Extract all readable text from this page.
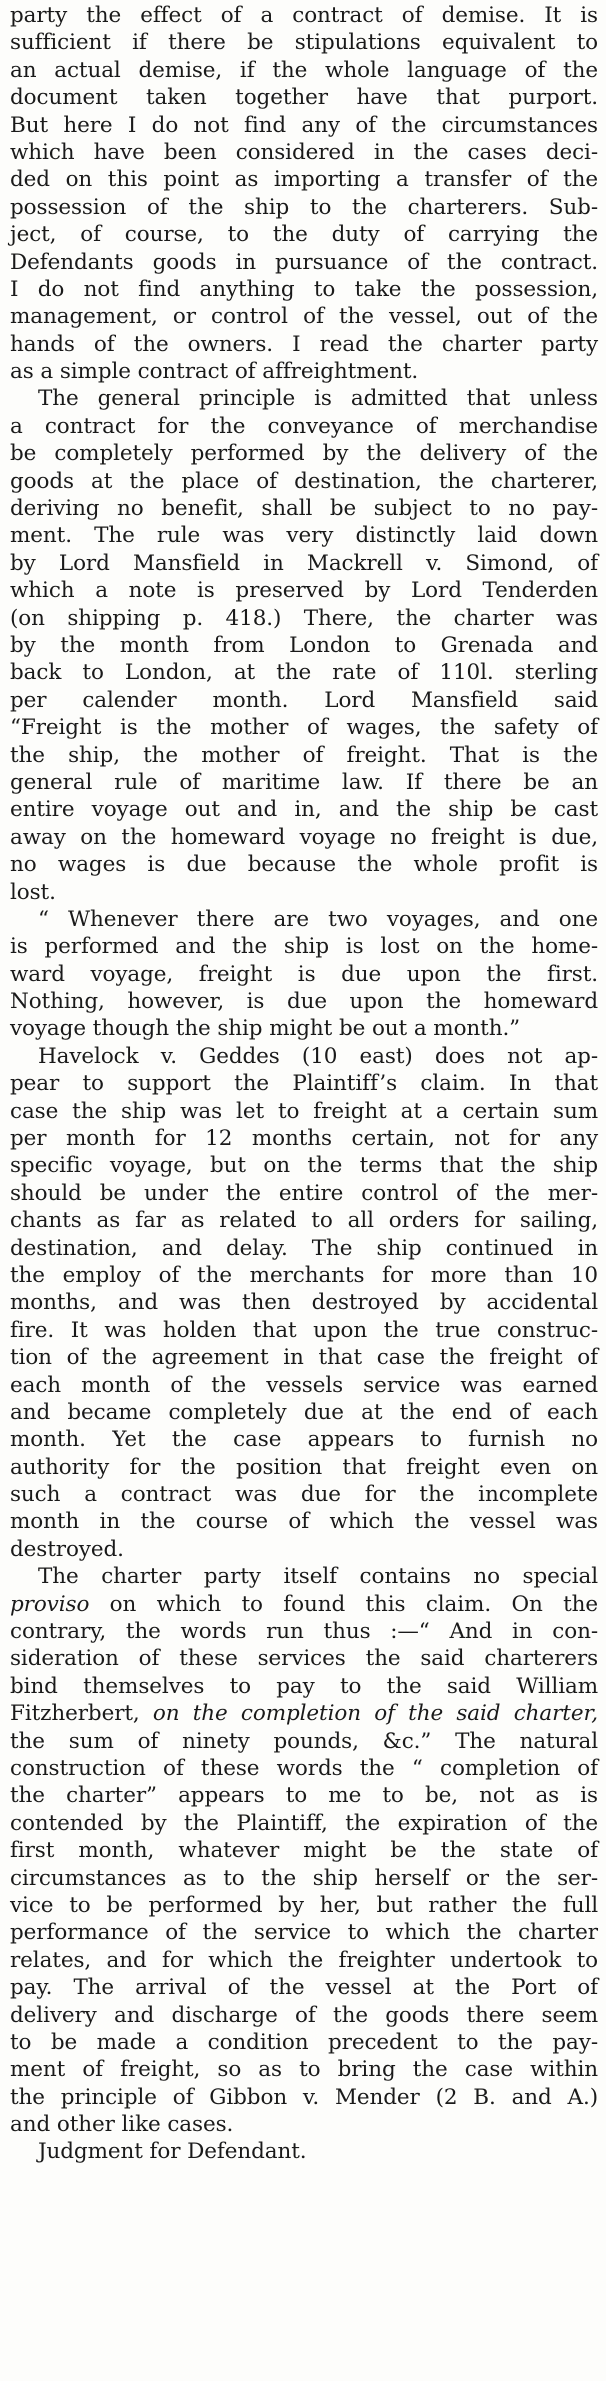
party the effect of a contract of demise. It is
sufficient if there be stipulations equivalent to
an actual demise, if the whole language of the
document taken together have that purport.
But here I do not find any of the circumstances
which have been considered in the cases deci-
ded on this point as importing a transfer of the
possession of the ship to the charterers. Sub-
ject, of course, to the duty of carrying the
Defendants goods in pursuance of the contract.
I do not find anything to take the possession,
management, or control of the vessel, out of the
hands of the owners. I read the charter party
as a simple contract of affreightment.
The general principle is admitted that unless
a contract for the conveyance of merchandise
be completely performed by the delivery of the
goods at the place of destination, the charterer,
deriving no benefit, shall be subject to no pay-
ment. The rule was very distinctly laid down
by Lord Mansfield in Mackrell v. Simond, of
which a note is preserved by Lord Tenderden
(on shipping p. 418.) There, the charter was
by the month from London to Grenada and
back to London, at the rate of 110l. sterling
per calender month. Lord Mansfield said
“Freight is the mother of wages, the safety of
the ship, the mother of freight. That is the
general rule of maritime law. If there be an
entire voyage out and in, and the ship be cast
away on the homeward voyage no freight is due,
no wages is due because the whole profit is
lost.
“ Whenever there are two voyages, and one
is performed and the ship is lost on the home-
ward voyage, freight is due upon the first.
Nothing, however, is due upon the homeward
voyage though the ship might be out a month.”
Havelock v. Geddes (10 east) does not ap-
pear to support the Plaintiff’s claim. In that
case the ship was let to freight at a certain sum
per month for 12 months certain, not for any
specific voyage, but on the terms that the ship
should be under the entire control of the mer-
chants as far as related to all orders for sailing,
destination, and delay. The ship continued in
the employ of the merchants for more than 10
months, and was then destroyed by accidental
fire. It was holden that upon the true construc-
tion of the agreement in that case the freight of
each month of the vessels service was earned
and became completely due at the end of each
month. Yet the case appears to furnish no
authority for the position that freight even on
such a contract was due for the incomplete
month in the course of which the vessel was
destroyed.
The charter party itself contains no special
proviso on which to found this claim. On the
contrary, the words run thus :—“ And in con-
sideration of these services the said charterers
bind themselves to pay to the said William
Fitzherbert, on the completion of the said charter,
the sum of ninety pounds, &c.” The natural
construction of these words the “ completion of
the charter” appears to me to be, not as is
contended by the Plaintiff, the expiration of the
first month, whatever might be the state of
circumstances as to the ship herself or the ser-
vice to be performed by her, but rather the full
performance of the service to which the charter
relates, and for which the freighter undertook to
pay. The arrival of the vessel at the Port of
delivery and discharge of the goods there seem
to be made a condition precedent to the pay-
ment of freight, so as to bring the case within
the principle of Gibbon v. Mender (2 B. and A.)
and other like cases.
Judgment for Defendant.
